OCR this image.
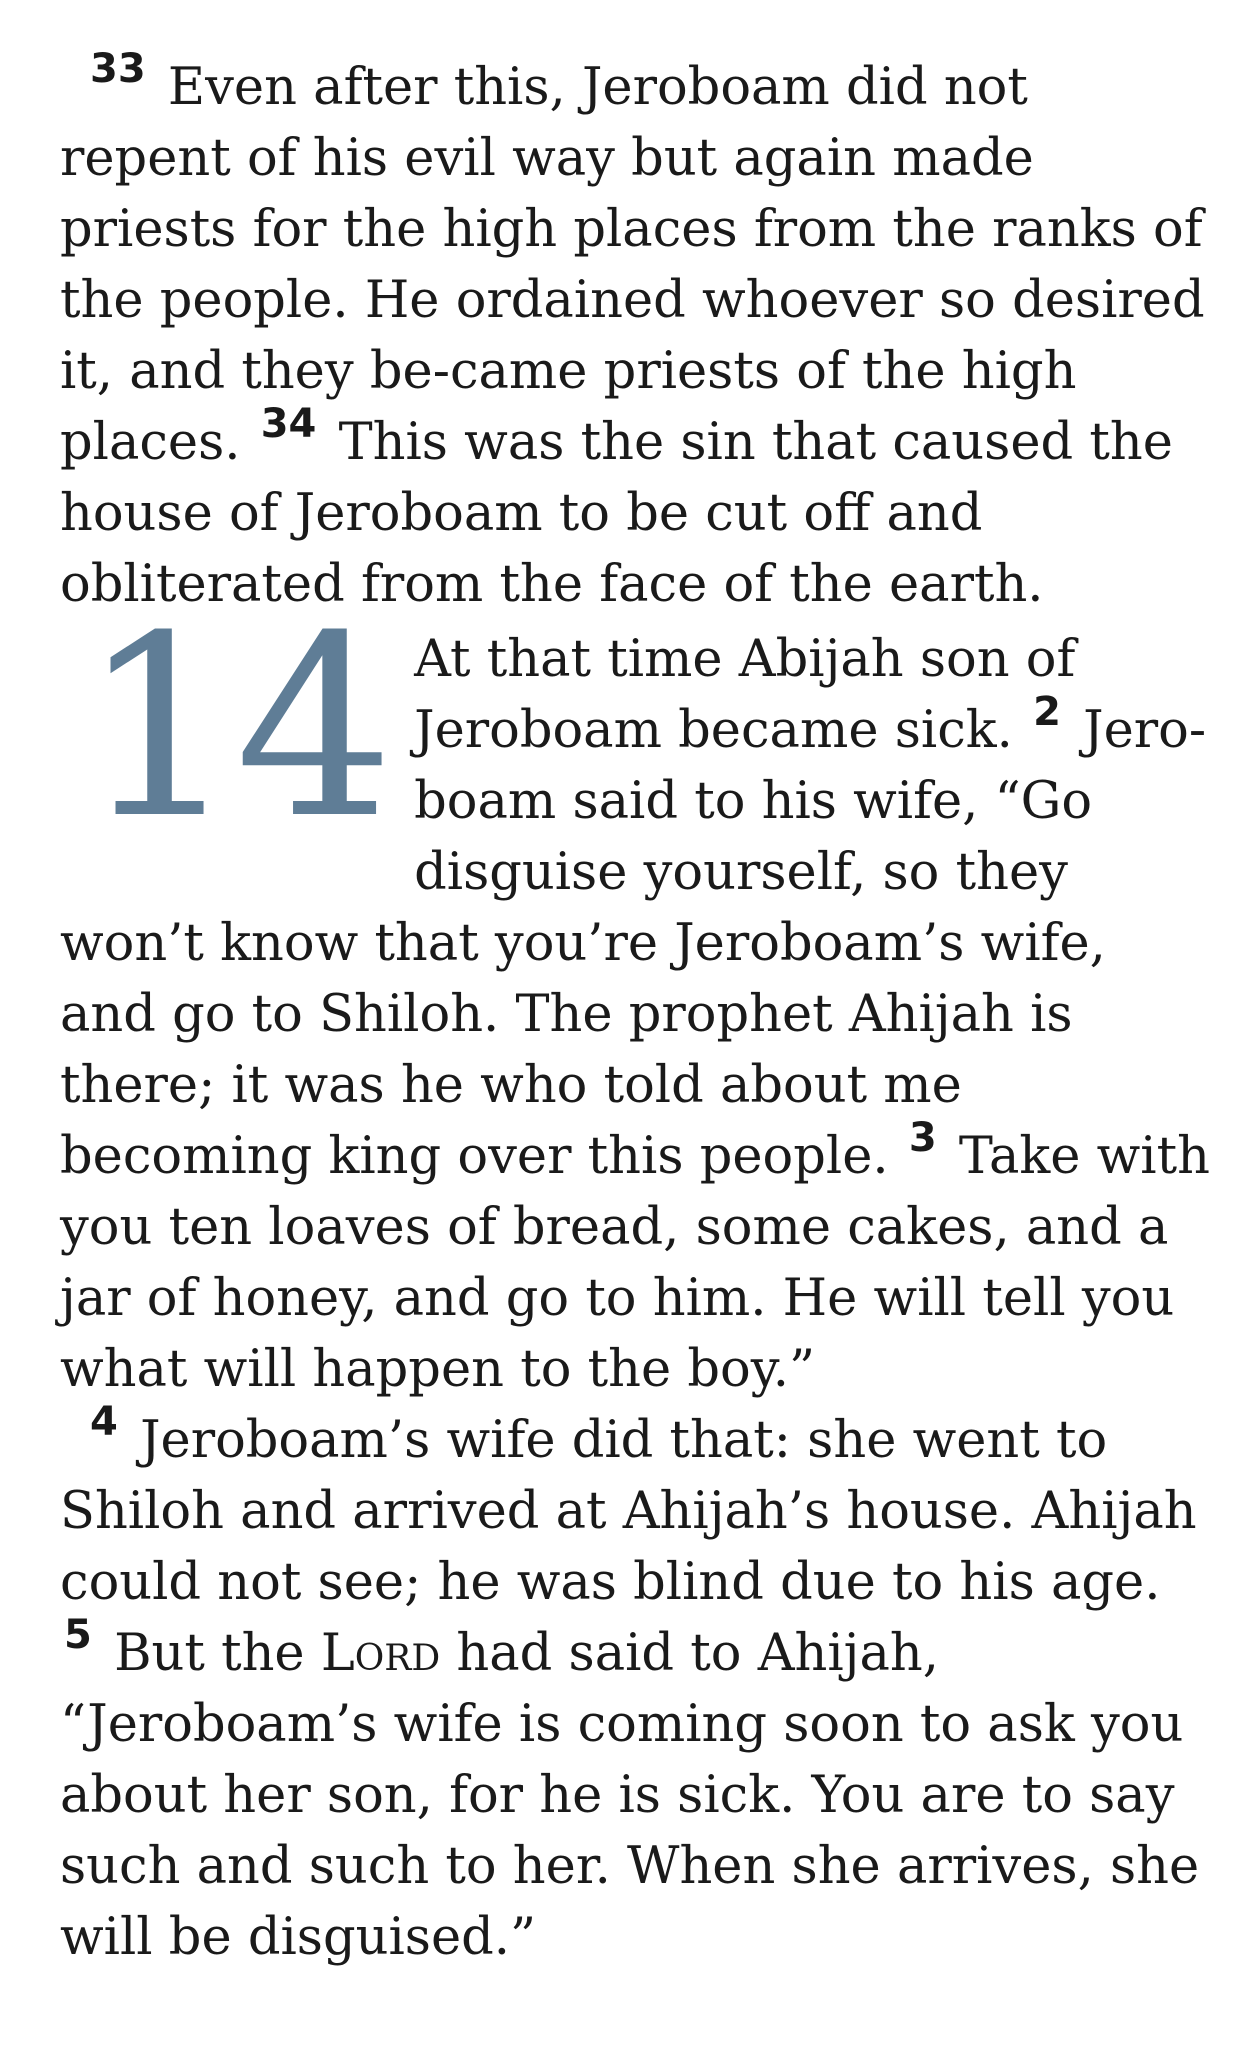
$^{33}$ Even after this, Jeroboam did not repent of his evil way but again made priests for the high places from the ranks of the people. He ordained whoever so desired it, and they be-came priests of the high places. $^{34}$ This was the sin that caused the house of Jeroboam to be cut off and obliterated from the face of the earth.

14 At that time Abijah son of Jeroboam became sick. $^2$ Jero-boam said to his wife, “Go disguise yourself, so they won’t know that you’re Jeroboam’s wife, and go to Shiloh. The prophet Ahijah is there; it was he who told about me becoming king over this people. $^3$ Take with you ten loaves of bread, some cakes, and a jar of honey, and go to him. He will tell you what will happen to the boy.”

$^4$ Jeroboam’s wife did that: she went to Shiloh and arrived at Ahijah’s house. Ahijah could not see; he was blind due to his age. $^5$ But the Lord had said to Ahijah, “Jeroboam’s wife is coming soon to ask you about her son, for he is sick. You are to say such and such to her. When she arrives, she will be disguised.”
